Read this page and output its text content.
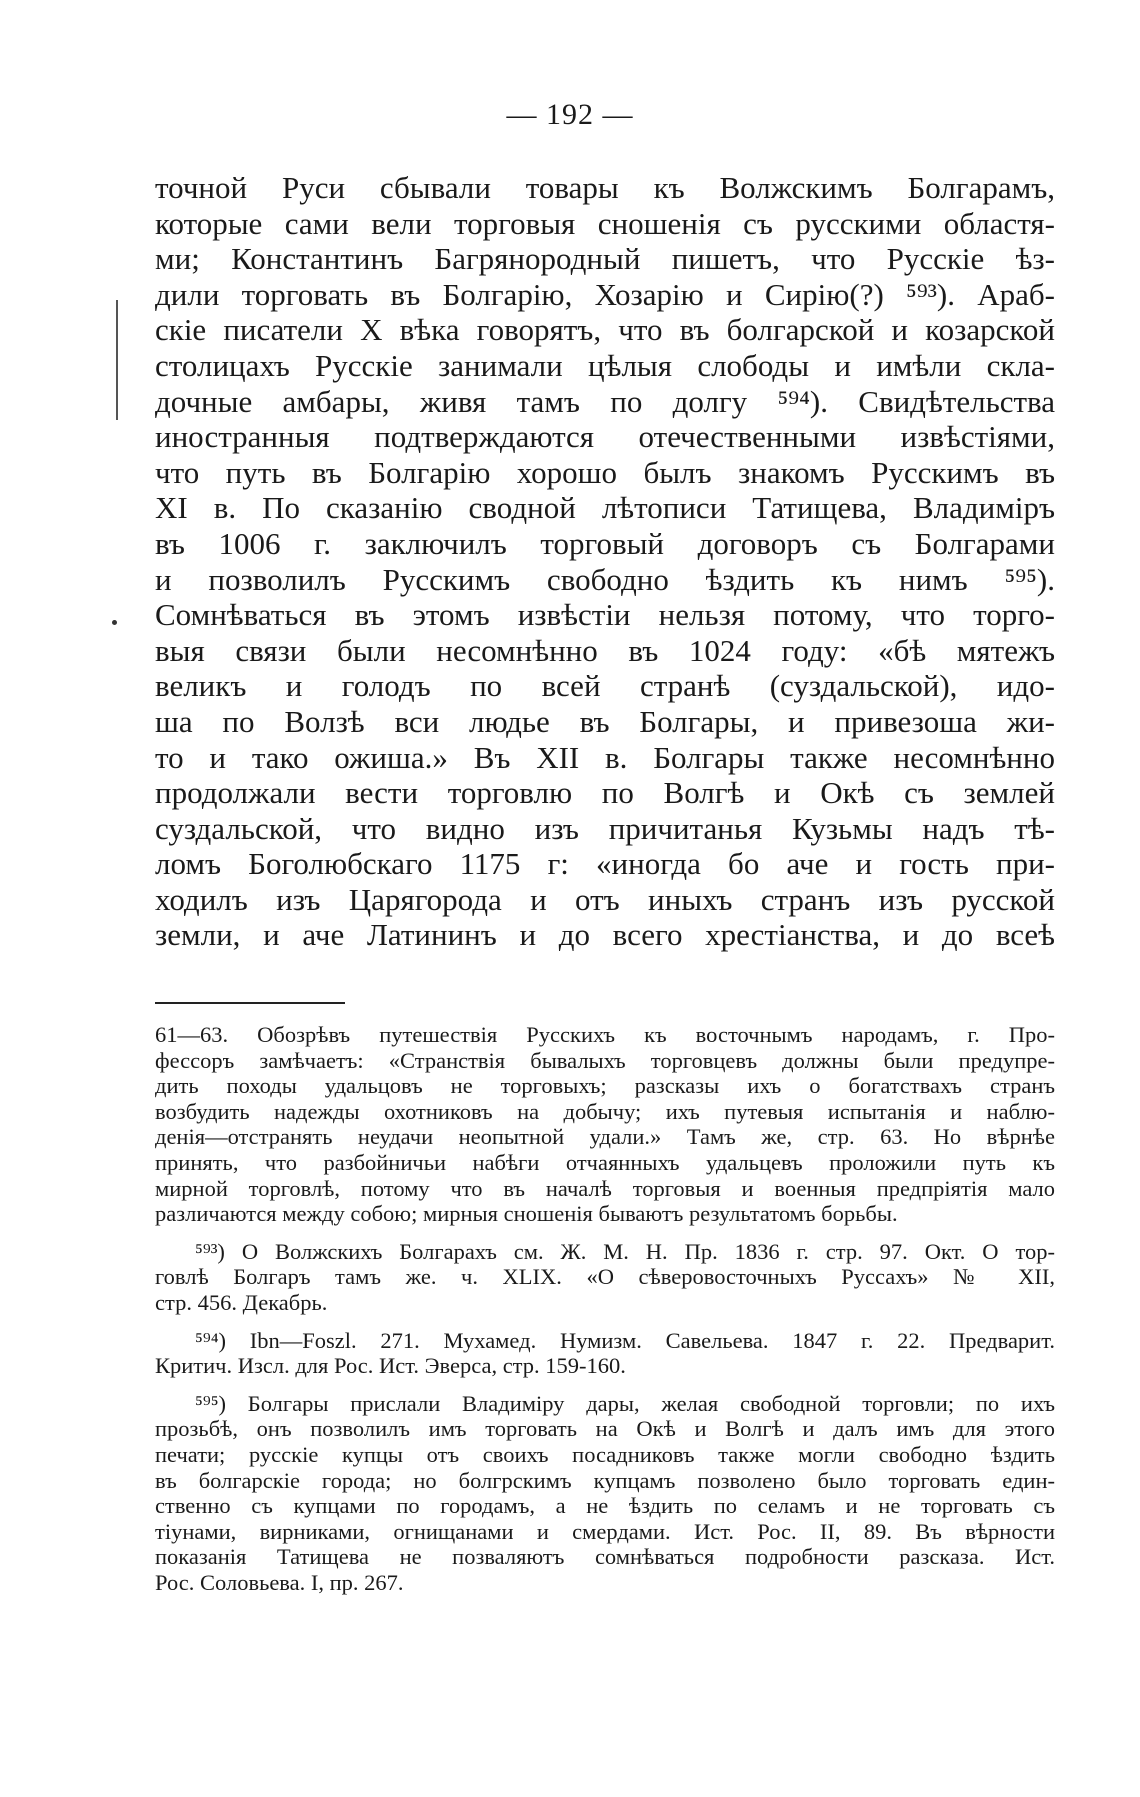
— 192 —
точной Руси сбывали товары къ Волжскимъ Болгарамъ,
которые сами вели торговыя сношенія съ русскими областя-
ми; Константинъ Багрянородный пишетъ, что Русскіе ѣз-
дили торговать въ Болгарію, Хозарію и Сирію(?) ⁵⁹³). Араб-
скіе писатели X вѣка говорятъ, что въ болгарской и козарской
столицахъ Русскіе занимали цѣлыя слободы и имѣли скла-
дочные амбары, живя тамъ по долгу ⁵⁹⁴). Свидѣтельства
иностранныя подтверждаются отечественными извѣстіями,
что путь въ Болгарію хорошо былъ знакомъ Русскимъ въ
XI в. По сказанію сводной лѣтописи Татищева, Владиміръ
въ 1006 г. заключилъ торговый договоръ съ Болгарами
и позволилъ Русскимъ свободно ѣздить къ нимъ ⁵⁹⁵).
Сомнѣваться въ этомъ извѣстіи нельзя потому, что торго-
выя связи были несомнѣнно въ 1024 году: «бѣ мятежъ
великъ и голодъ по всей странѣ (суздальской), идо-
ша по Волзѣ вси людье въ Болгары, и привезоша жи-
то и тако ожиша.» Въ XII в. Болгары также несомнѣнно
продолжали вести торговлю по Волгѣ и Окѣ съ землей
суздальской, что видно изъ причитанья Кузьмы надъ тѣ-
ломъ Боголюбскаго 1175 г: «иногда бо аче и гость при-
ходилъ изъ Царягорода и отъ иныхъ странъ изъ русской
земли, и аче Латининъ и до всего хрестіанства, и до всеѣ
61—63. Обозрѣвъ путешествія Русскихъ къ восточнымъ народамъ, г. Про-
фессоръ замѣчаетъ: «Странствія бывалыхъ торговцевъ должны были предупре-
дить походы удальцовъ не торговыхъ; разсказы ихъ о богатствахъ странъ
возбудить надежды охотниковъ на добычу; ихъ путевыя испытанія и наблю-
денія—отстранять неудачи неопытной удали.» Тамъ же, стр. 63. Но вѣрнѣе
принять, что разбойничьи набѣги отчаянныхъ удальцевъ проложили путь къ
мирной торговлѣ, потому что въ началѣ торговыя и военныя предпріятія мало
различаются между собою; мирныя сношенія бываютъ результатомъ борьбы.
⁵⁹³) О Волжскихъ Болгарахъ см. Ж. М. Н. Пр. 1836 г. стр. 97. Окт. О тор-
говлѣ Болгаръ тамъ же. ч. XLIX. «О сѣверовосточныхъ Руссахъ» № XII,
стр. 456. Декабрь.
⁵⁹⁴) Ibn—Foszl. 271. Мухамед. Нумизм. Савельева. 1847 г. 22. Предварит.
Критич. Изсл. для Рос. Ист. Эверса, стр. 159-160.
⁵⁹⁵) Болгары прислали Владиміру дары, желая свободной торговли; по ихъ
прозьбѣ, онъ позволилъ имъ торговать на Окѣ и Волгѣ и далъ имъ для этого
печати; русскіе купцы отъ своихъ посадниковъ также могли свободно ѣздить
въ болгарскіе города; но болгрскимъ купцамъ позволено было торговать един-
ственно съ купцами по городамъ, а не ѣздить по селамъ и не торговать съ
тіунами, вирниками, огнищанами и смердами. Ист. Рос. II, 89. Въ вѣрности
показанія Татищева не позваляютъ сомнѣваться подробности разсказа. Ист.
Рос. Соловьева. I, пр. 267.
